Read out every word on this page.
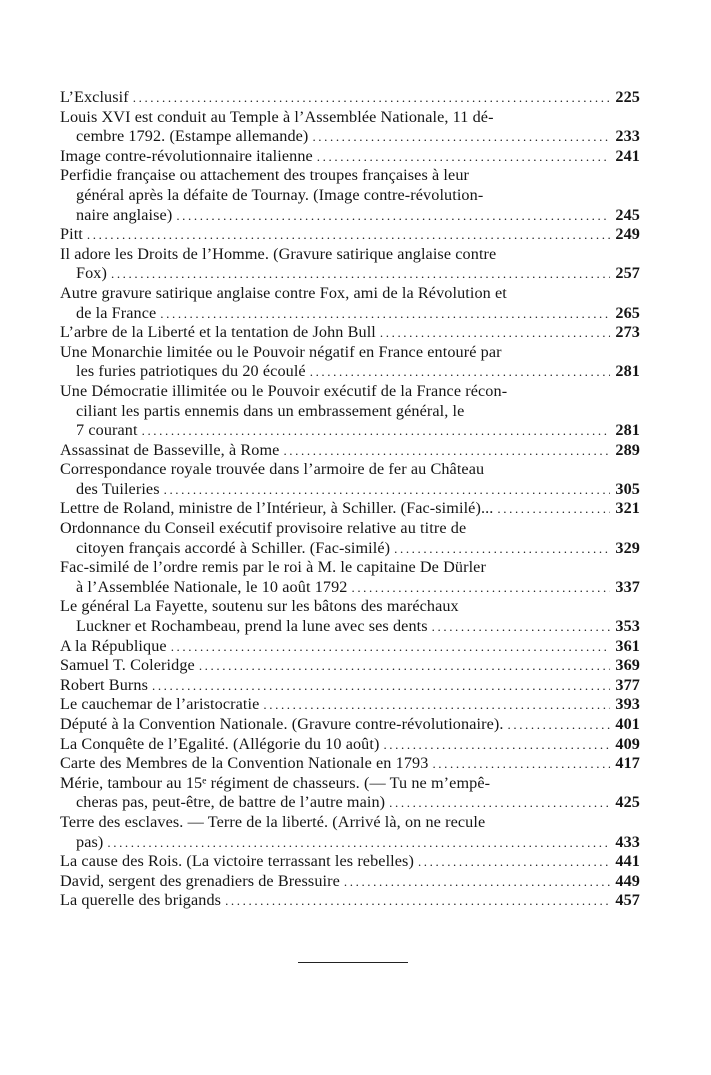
L’Exclusif .....	225
Louis XVI est conduit au Temple à l’Assemblée Nationale, 11 dé-
cembre 1792. (Estampe allemande) .....	233
Image contre-révolutionnaire italienne .....	241
Perfidie française ou attachement des troupes françaises à leur
général après la défaite de Tournay. (Image contre-révolution-
naire anglaise) .....	245
Pitt .....	249
Il adore les Droits de l’Homme. (Gravure satirique anglaise contre
Fox) .....	257
Autre gravure satirique anglaise contre Fox, ami de la Révolution et
de la France .....	265
L’arbre de la Liberté et la tentation de John Bull .....	273
Une Monarchie limitée ou le Pouvoir négatif en France entouré par
les furies patriotiques du 20 écoulé .....	281
Une Démocratie illimitée ou le Pouvoir exécutif de la France récon-
ciliant les partis ennemis dans un embrassement général, le
7 courant .....	281
Assassinat de Basseville, à Rome .....	289
Correspondance royale trouvée dans l’armoire de fer au Château
des Tuileries .....	305
Lettre de Roland, ministre de l’Intérieur, à Schiller. (Fac-similé)... .....	321
Ordonnance du Conseil exécutif provisoire relative au titre de
citoyen français accordé à Schiller. (Fac-similé) .....	329
Fac-similé de l’ordre remis par le roi à M. le capitaine De Dürler
à l’Assemblée Nationale, le 10 août 1792 .....	337
Le général La Fayette, soutenu sur les bâtons des maréchaux
Luckner et Rochambeau, prend la lune avec ses dents .....	353
A la République .....	361
Samuel T. Coleridge .....	369
Robert Burns .....	377
Le cauchemar de l’aristocratie .....	393
Député à la Convention Nationale. (Gravure contre-révolutionaire). .....	401
La Conquête de l’Egalité. (Allégorie du 10 août) .....	409
Carte des Membres de la Convention Nationale en 1793 .....	417
Mérie, tambour au 15ᵉ régiment de chasseurs. (— Tu ne m’empê-
cheras pas, peut-être, de battre de l’autre main) .....	425
Terre des esclaves. — Terre de la liberté. (Arrivé là, on ne recule
pas) .....	433
La cause des Rois. (La victoire terrassant les rebelles) .....	441
David, sergent des grenadiers de Bressuire .....	449
La querelle des brigands .....	457
